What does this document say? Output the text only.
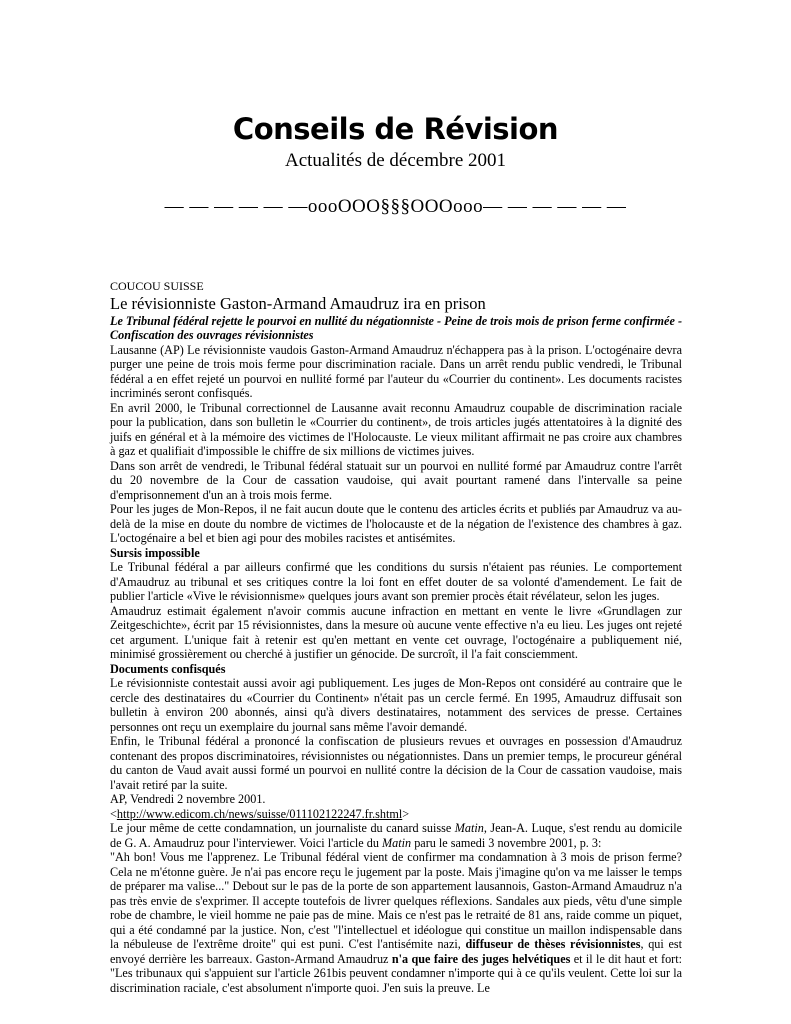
Conseils de Révision
Actualités de décembre 2001
— — — — — —oooOOO§§§OOOooo— — — — — —

COUCOU SUISSE

Le révisionniste Gaston-Armand Amaudruz ira en prison

Le Tribunal fédéral rejette le pourvoi en nullité du négationniste - Peine de trois mois de prison ferme confirmée - Confiscation des ouvrages révisionnistes

Lausanne (AP) Le révisionniste vaudois Gaston-Armand Amaudruz n'échappera pas à la prison. L'octogénaire devra purger une peine de trois mois ferme pour discrimination raciale. Dans un arrêt rendu public vendredi, le Tribunal fédéral a en effet rejeté un pourvoi en nullité formé par l'auteur du «Courrier du continent». Les documents racistes incriminés seront confisqués.

En avril 2000, le Tribunal correctionnel de Lausanne avait reconnu Amaudruz coupable de discrimination raciale pour la publication, dans son bulletin le «Courrier du continent», de trois articles jugés attentatoires à la dignité des juifs en général et à la mémoire des victimes de l'Holocauste. Le vieux militant affirmait ne pas croire aux chambres à gaz et qualifiait d'impossible le chiffre de six millions de victimes juives.

Dans son arrêt de vendredi, le Tribunal fédéral statuait sur un pourvoi en nullité formé par Amaudruz contre l'arrêt du 20 novembre de la Cour de cassation vaudoise, qui avait pourtant ramené dans l'intervalle sa peine d'emprisonnement d'un an à trois mois ferme.

Pour les juges de Mon-Repos, il ne fait aucun doute que le contenu des articles écrits et publiés par Amaudruz va au-delà de la mise en doute du nombre de victimes de l'holocauste et de la négation de l'existence des chambres à gaz. L'octogénaire a bel et bien agi pour des mobiles racistes et antisémites.

Sursis impossible

Le Tribunal fédéral a par ailleurs confirmé que les conditions du sursis n'étaient pas réunies. Le comportement d'Amaudruz au tribunal et ses critiques contre la loi font en effet douter de sa volonté d'amendement. Le fait de publier l'article «Vive le révisionnisme» quelques jours avant son premier procès était révélateur, selon les juges.

Amaudruz estimait également n'avoir commis aucune infraction en mettant en vente le livre «Grundlagen zur Zeitgeschichte», écrit par 15 révisionnistes, dans la mesure où aucune vente effective n'a eu lieu. Les juges ont rejeté cet argument. L'unique fait à retenir est qu'en mettant en vente cet ouvrage, l'octogénaire a publiquement nié, minimisé grossièrement ou cherché à justifier un génocide. De surcroît, il l'a fait consciemment.

Documents confisqués

Le révisionniste contestait aussi avoir agi publiquement. Les juges de Mon-Repos ont considéré au contraire que le cercle des destinataires du «Courrier du Continent» n'était pas un cercle fermé. En 1995, Amaudruz diffusait son bulletin à environ 200 abonnés, ainsi qu'à divers destinataires, notamment des services de presse. Certaines personnes ont reçu un exemplaire du journal sans même l'avoir demandé.

Enfin, le Tribunal fédéral a prononcé la confiscation de plusieurs revues et ouvrages en possession d'Amaudruz contenant des propos discriminatoires, révisionnistes ou négationnistes. Dans un premier temps, le procureur général du canton de Vaud avait aussi formé un pourvoi en nullité contre la décision de la Cour de cassation vaudoise, mais l'avait retiré par la suite.

AP, Vendredi 2 novembre 2001.

<http://www.edicom.ch/news/suisse/011102122247.fr.shtml>

Le jour même de cette condamnation, un journaliste du canard suisse Matin, Jean-A. Luque, s'est rendu au domicile de G. A. Amaudruz pour l'interviewer. Voici l'article du Matin paru le samedi 3 novembre 2001, p. 3:

"Ah bon! Vous me l'apprenez. Le Tribunal fédéral vient de confirmer ma condamnation à 3 mois de prison ferme? Cela ne m'étonne guère. Je n'ai pas encore reçu le jugement par la poste. Mais j'imagine qu'on va me laisser le temps de préparer ma valise..." Debout sur le pas de la porte de son appartement lausannois, Gaston-Armand Amaudruz n'a pas très envie de s'exprimer. Il accepte toutefois de livrer quelques réflexions. Sandales aux pieds, vêtu d'une simple robe de chambre, le vieil homme ne paie pas de mine. Mais ce n'est pas le retraité de 81 ans, raide comme un piquet, qui a été condamné par la justice. Non, c'est "l'intellectuel et idéologue qui constitue un maillon indispensable dans la nébuleuse de l'extrême droite" qui est puni. C'est l'antisémite nazi, diffuseur de thèses révisionnistes, qui est envoyé derrière les barreaux. Gaston-Armand Amaudruz n'a que faire des juges helvétiques et il le dit haut et fort: "Les tribunaux qui s'appuient sur l'article 261bis peuvent condamner n'importe qui à ce qu'ils veulent. Cette loi sur la discrimination raciale, c'est absolument n'importe quoi. J'en suis la preuve. Le
